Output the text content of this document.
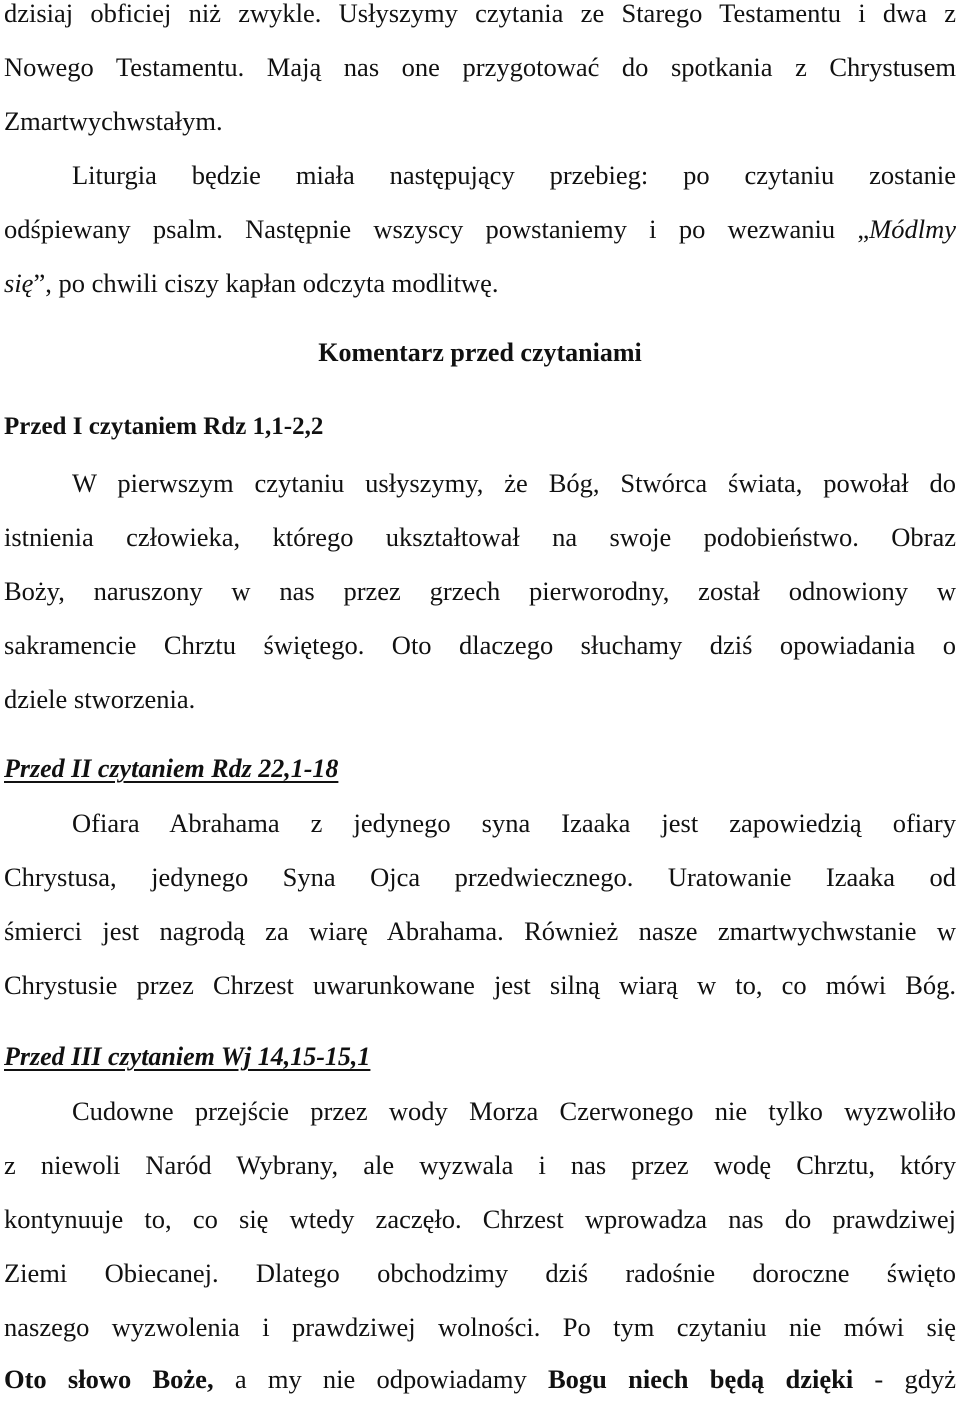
dzisiaj obficiej niż zwykle. Usłyszymy czytania ze Starego Testamentu i dwa z
Nowego Testamentu. Mają nas one przygotować do spotkania z Chrystusem
Zmartwychwstałym.
Liturgia będzie miała następujący przebieg: po czytaniu zostanie
odśpiewany psalm. Następnie wszyscy powstaniemy i po wezwaniu „Módlmy
się”, po chwili ciszy kapłan odczyta modlitwę.
Komentarz przed czytaniami
Przed I czytaniem Rdz 1,1-2,2
W pierwszym czytaniu usłyszymy, że Bóg, Stwórca świata, powołał do
istnienia człowieka, którego ukształtował na swoje podobieństwo. Obraz
Boży, naruszony w nas przez grzech pierworodny, został odnowiony w
sakramencie Chrztu świętego. Oto dlaczego słuchamy dziś opowiadania o
dziele stworzenia.
Przed II czytaniem Rdz 22,1-18
Ofiara Abrahama z jedynego syna Izaaka jest zapowiedzią ofiary
Chrystusa, jedynego Syna Ojca przedwiecznego. Uratowanie Izaaka od
śmierci jest nagrodą za wiarę Abrahama. Również nasze zmartwychwstanie w
Chrystusie przez Chrzest uwarunkowane jest silną wiarą w to, co mówi Bóg.
Przed III czytaniem Wj 14,15-15,1
Cudowne przejście przez wody Morza Czerwonego nie tylko wyzwoliło
z niewoli Naród Wybrany, ale wyzwala i nas przez wodę Chrztu, który
kontynuuje to, co się wtedy zaczęło. Chrzest wprowadza nas do prawdziwej
Ziemi Obiecanej. Dlatego obchodzimy dziś radośnie doroczne święto
naszego wyzwolenia i prawdziwej wolności. Po tym czytaniu nie mówi się
Oto słowo Boże, a my nie odpowiadamy Bogu niech będą dzięki - gdyż
